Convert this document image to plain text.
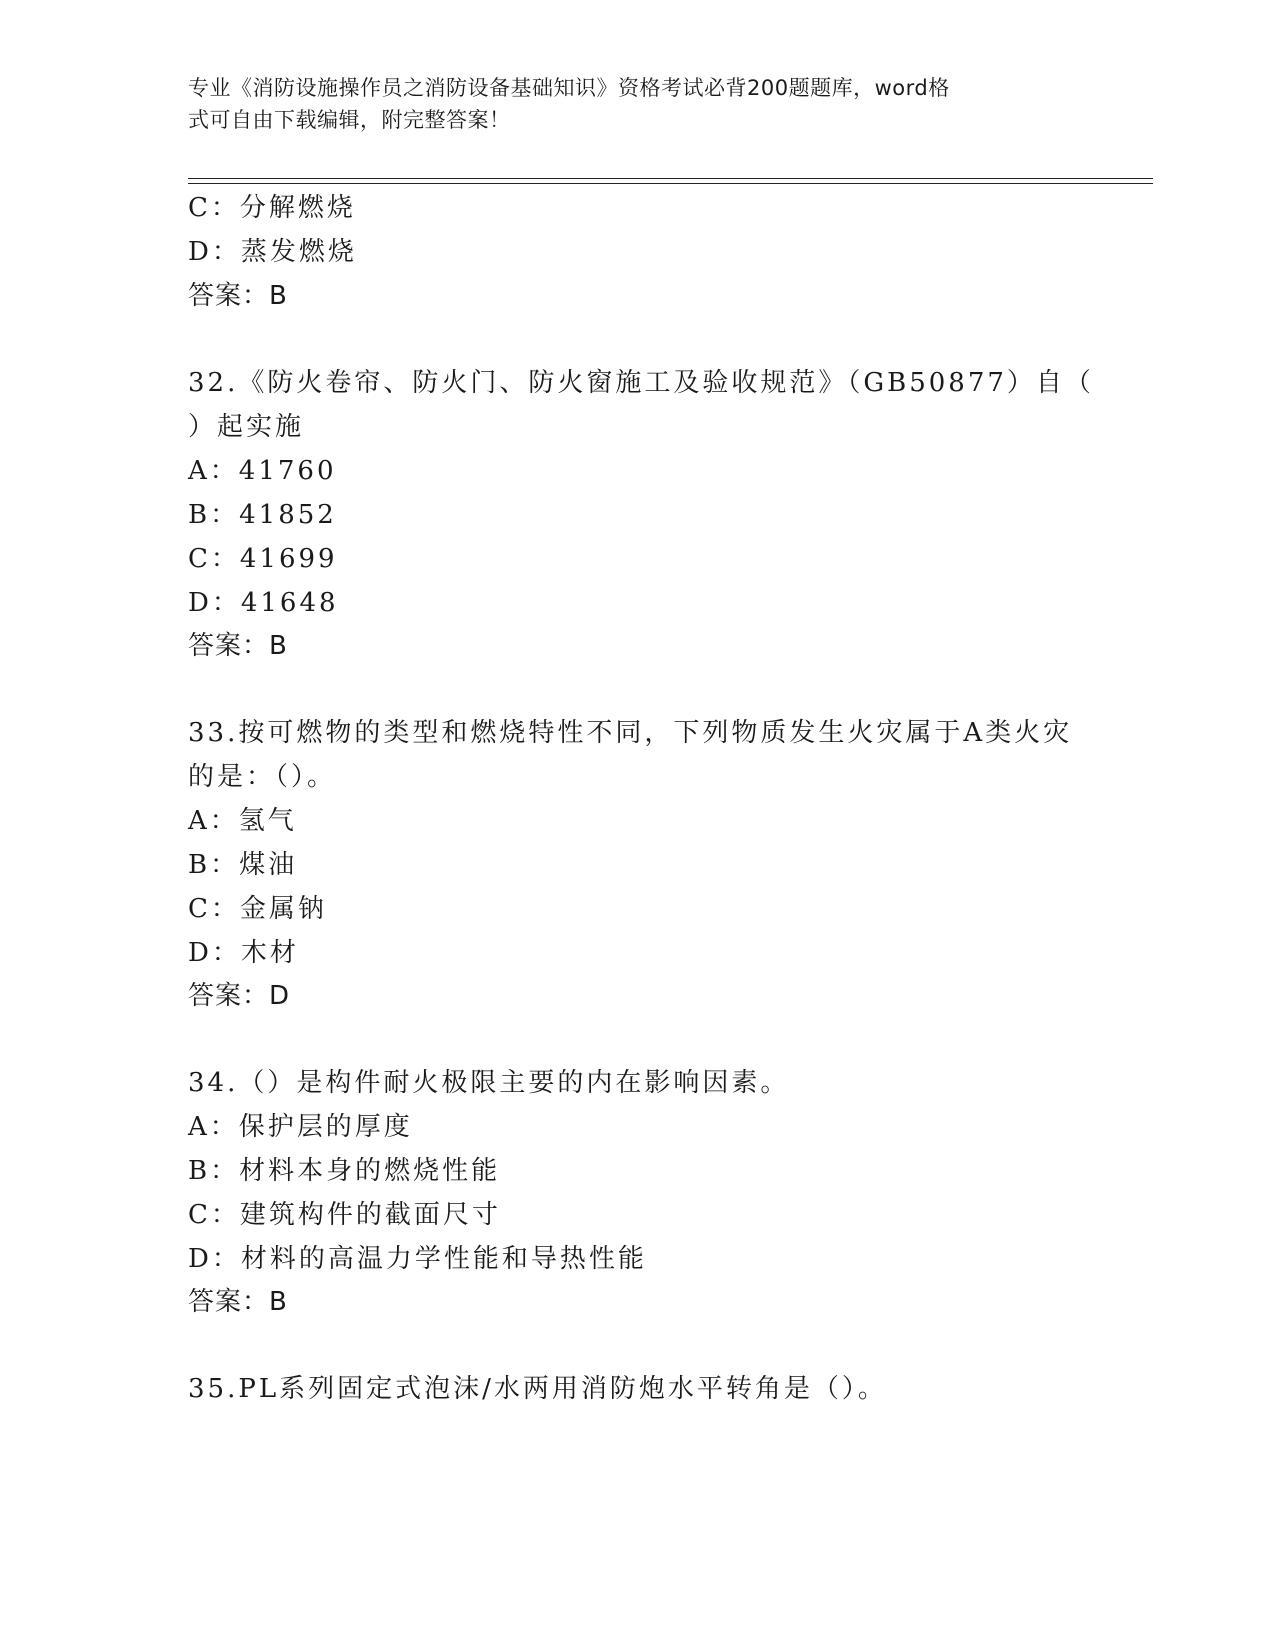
专业《消防设施操作员之消防设备基础知识》资格考试必背200题题库，word格
式可自由下载编辑，附完整答案！
C：分解燃烧
D：蒸发燃烧
答案：B
32.《防火卷帘、防火门、防火窗施工及验收规范》（GB50877）自（
）起实施
A：41760
B：41852
C：41699
D：41648
答案：B
33.按可燃物的类型和燃烧特性不同，下列物质发生火灾属于A类火灾
的是：（）。
A：氢气
B：煤油
C：金属钠
D：木材
答案：D
34.（）是构件耐火极限主要的内在影响因素。
A：保护层的厚度
B：材料本身的燃烧性能
C：建筑构件的截面尺寸
D：材料的高温力学性能和导热性能
答案：B
35.PL系列固定式泡沫/水两用消防炮水平转角是（）。
